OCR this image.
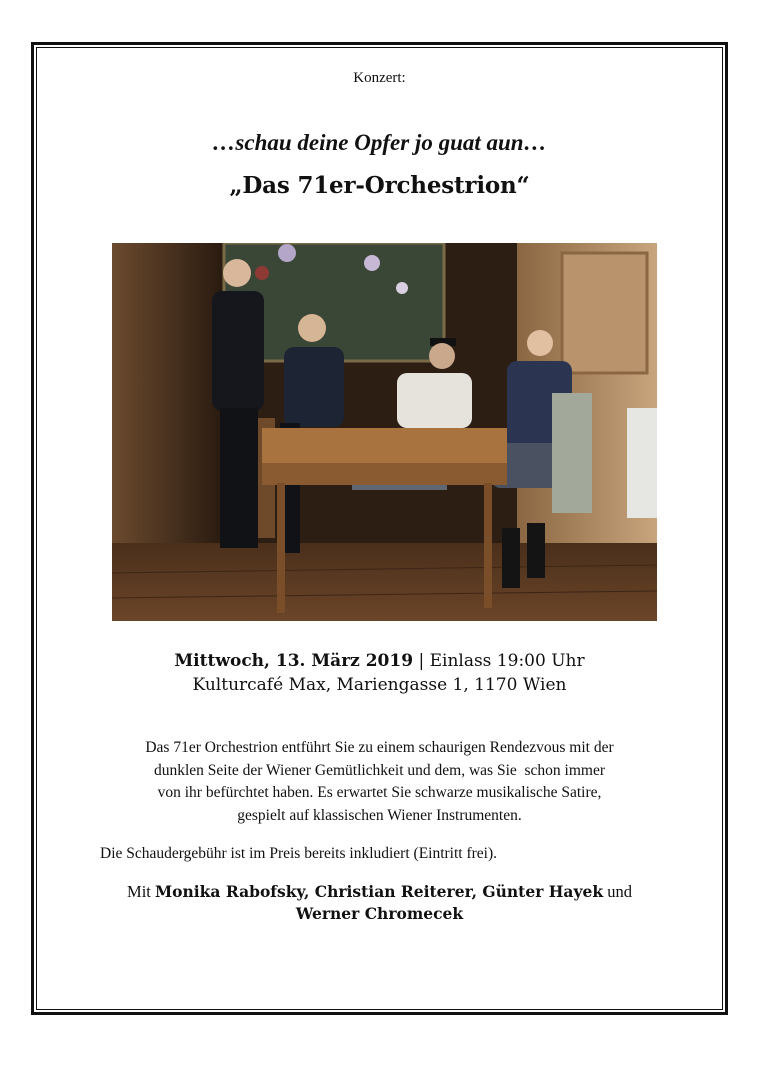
Konzert:
…schau deine Opfer jo guat aun…
„Das 71er-Orchestrion“
Mittwoch, 13. März 2019 | Einlass 19:00 Uhr
Kulturcafé Max, Mariengasse 1, 1170 Wien
Das 71er Orchestrion entführt Sie zu einem schaurigen Rendezvous mit der
dunklen Seite der Wiener Gemütlichkeit und dem, was Sie  schon immer
von ihr befürchtet haben. Es erwartet Sie schwarze musikalische Satire,
gespielt auf klassischen Wiener Instrumenten.
Die Schaudergebühr ist im Preis bereits inkludiert (Eintritt frei).
Mit Monika Rabofsky, Christian Reiterer, Günter Hayek und
Werner Chromecek
